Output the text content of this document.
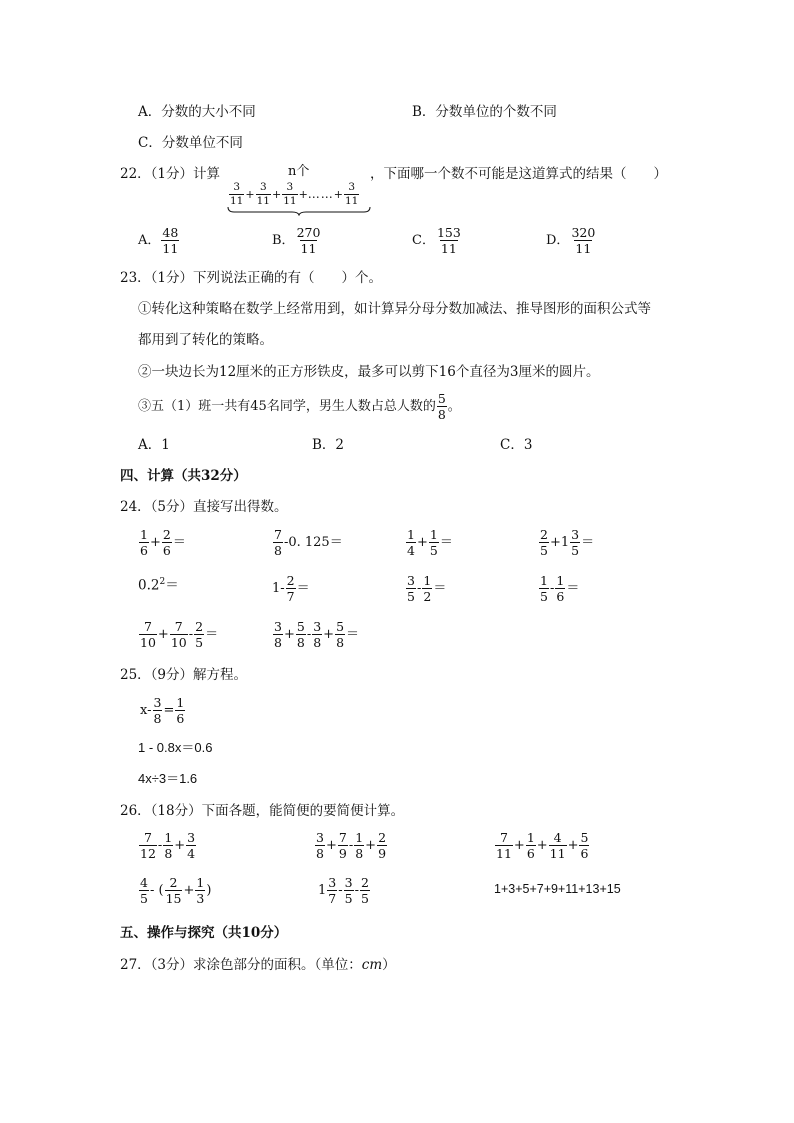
A．分数的大小不同	B．分数单位的个数不同
C．分数单位不同
22．（1分）计算	n个	，下面哪一个数不可能是这道算式的结果（　　）
$\frac{3}{11} + \frac{3}{11} + \frac{3}{11}$ +……+ $\frac{3}{11}$
A． $\frac{48}{11}$	B． $\frac{270}{11}$	C． $\frac{153}{11}$	D． $\frac{320}{11}$
23．（1分）下列说法正确的有（　　）个。
①转化这种策略在数学上经常用到，如计算异分母分数加减法、推导图形的面积公式等
都用到了转化的策略。
②一块边长为12厘米的正方形铁皮，最多可以剪下16个直径为3厘米的圆片。
③五（1）班一共有45名同学，男生人数占总人数的 $\frac{5}{8}$ 。
A．1	B．2	C．3
四、计算（共32分）
24．（5分）直接写出得数。
$\frac{1}{6} + \frac{2}{6}$ ＝	$\frac{7}{8} -0$. 125＝	$\frac{1}{4} + \frac{1}{5}$ ＝	$\frac{2}{5} +1 \frac{3}{5}$ ＝
$0.2^2=$	$1- \frac{2}{7}$ ＝	$\frac{3}{5} - \frac{1}{2}$ ＝	$\frac{1}{5} - \frac{1}{6}$ ＝
$\frac{7}{10} + \frac{7}{10} - \frac{2}{5}$ ＝	$\frac{3}{8} + \frac{5}{8} - \frac{3}{8} + \frac{5}{8}$ ＝
25．（9分）解方程。
$x- \frac{3}{8} = \frac{1}{6}$
1 - 0.8x＝0.6
4x÷3＝1.6
26．（18分）下面各题，能简便的要简便计算。
$\frac{7}{12} - \frac{1}{8} + \frac{3}{4}$	$\frac{3}{8} + \frac{7}{9} - \frac{1}{8} + \frac{2}{9}$	$\frac{7}{11} + \frac{1}{6} + \frac{4}{11} + \frac{5}{6}$
$\frac{4}{5}$ - ( $\frac{2}{15} + \frac{1}{3}$ )	$1 \frac{3}{7} - \frac{3}{5} - \frac{2}{5}$	1+3+5+7+9+11+13+15
五、操作与探究（共10分）
27．（3分）求涂色部分的面积。（单位：cm）
